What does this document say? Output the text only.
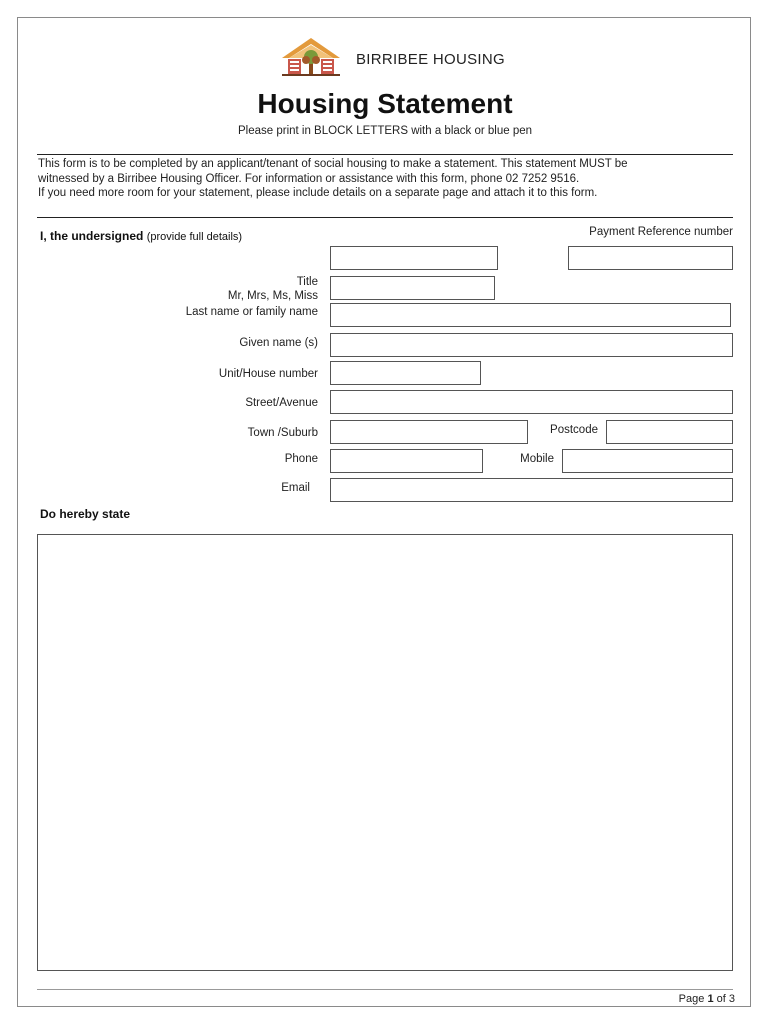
BIRRIBEE HOUSING
Housing Statement
Please print in BLOCK LETTERS with a black or blue pen
This form is to be completed by an applicant/tenant of social housing to make a statement. This statement MUST be
witnessed by a Birribee Housing Officer. For information or assistance with this form, phone 02 7252 9516.
If you need more room for your statement, please include details on a separate page and attach it to this form.
I, the undersigned (provide full details)	Payment Reference number
Title
Mr, Mrs, Ms, Miss
Last name or family name
Given name (s)
Unit/House number
Street/Avenue
Town /Suburb	Postcode
Phone	Mobile
Email
Do hereby state
Page 1 of 3
